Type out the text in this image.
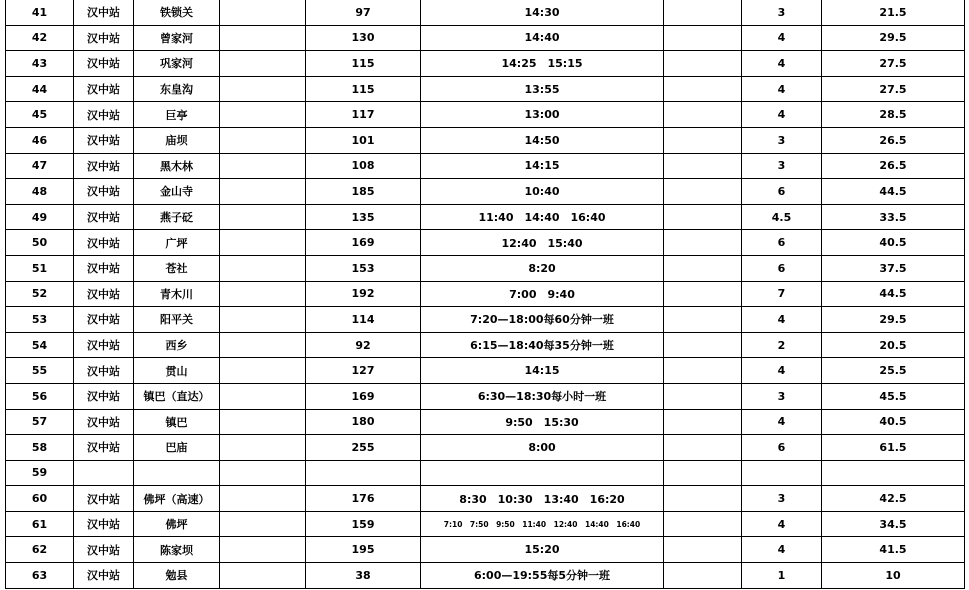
41	汉中站	铁锁关		97	14:30		3	21.5
42	汉中站	曾家河		130	14:40		4	29.5
43	汉中站	巩家河		115	14:25　15:15		4	27.5
44	汉中站	东皇沟		115	13:55		4	27.5
45	汉中站	巨亭		117	13:00		4	28.5
46	汉中站	庙坝		101	14:50		3	26.5
47	汉中站	黑木林		108	14:15		3	26.5
48	汉中站	金山寺		185	10:40		6	44.5
49	汉中站	燕子砭		135	11:40　14:40　16:40		4.5	33.5
50	汉中站	广坪		169	12:40　15:40		6	40.5
51	汉中站	苍社		153	8:20		6	37.5
52	汉中站	青木川		192	7:00　9:40		7	44.5
53	汉中站	阳平关		114	7:20—18:00每60分钟一班		4	29.5
54	汉中站	西乡		92	6:15—18:40每35分钟一班		2	20.5
55	汉中站	贯山		127	14:15		4	25.5
56	汉中站	镇巴（直达）		169	6:30—18:30每小时一班		3	45.5
57	汉中站	镇巴		180	9:50　15:30		4	40.5
58	汉中站	巴庙		255	8:00		6	61.5
59								
60	汉中站	佛坪（高速）		176	8:30　10:30　13:40　16:20		3	42.5
61	汉中站	佛坪		159	7:10　7:50　9:50　11:40　12:40　14:40　16:40		4	34.5
62	汉中站	陈家坝		195	15:20		4	41.5
63	汉中站	勉县		38	6:00—19:55每5分钟一班		1	10
